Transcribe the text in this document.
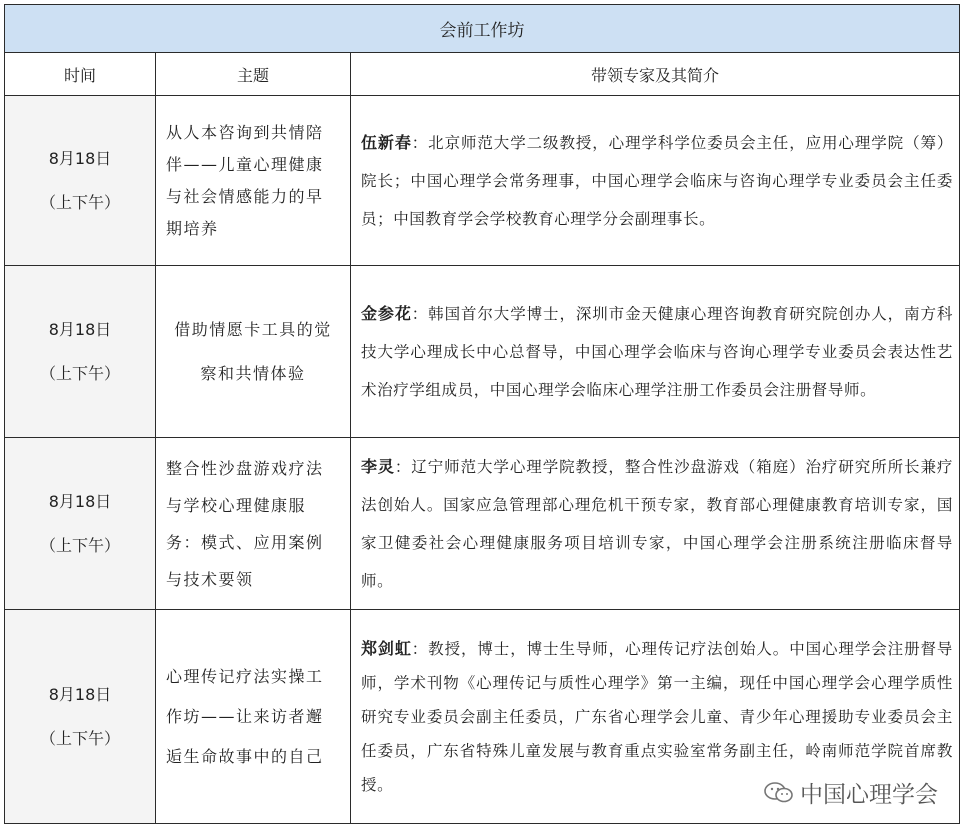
会前工作坊		
时间	主题	带领专家及其简介

8月18日
（上下午）	从人本咨询到共情陪伴——儿童心理健康与社会情感能力的早期培养	伍新春：北京师范大学二级教授，心理学科学位委员会主任，应用心理学院（筹）院长；中国心理学会常务理事，中国心理学会临床与咨询心理学专业委员会主任委员；中国教育学会学校教育心理学分会副理事长。

8月18日
（上下午）	借助情愿卡工具的觉察和共情体验	金参花：韩国首尔大学博士，深圳市金天健康心理咨询教育研究院创办人，南方科技大学心理成长中心总督导，中国心理学会临床与咨询心理学专业委员会表达性艺术治疗学组成员，中国心理学会临床心理学注册工作委员会注册督导师。

8月18日
（上下午）	整合性沙盘游戏疗法与学校心理健康服务：模式、应用案例与技术要领	李灵：辽宁师范大学心理学院教授，整合性沙盘游戏（箱庭）治疗研究所所长兼疗法创始人。国家应急管理部心理危机干预专家，教育部心理健康教育培训专家，国家卫健委社会心理健康服务项目培训专家，中国心理学会注册系统注册临床督导师。

8月18日
（上下午）	心理传记疗法实操工作坊——让来访者邂逅生命故事中的自己	郑剑虹：教授，博士，博士生导师，心理传记疗法创始人。中国心理学会注册督导师，学术刊物《心理传记与质性心理学》第一主编，现任中国心理学会心理学质性研究专业委员会副主任委员，广东省心理学会儿童、青少年心理援助专业委员会主任委员，广东省特殊儿童发展与教育重点实验室常务副主任，岭南师范学院首席教授。	中国心理学会
